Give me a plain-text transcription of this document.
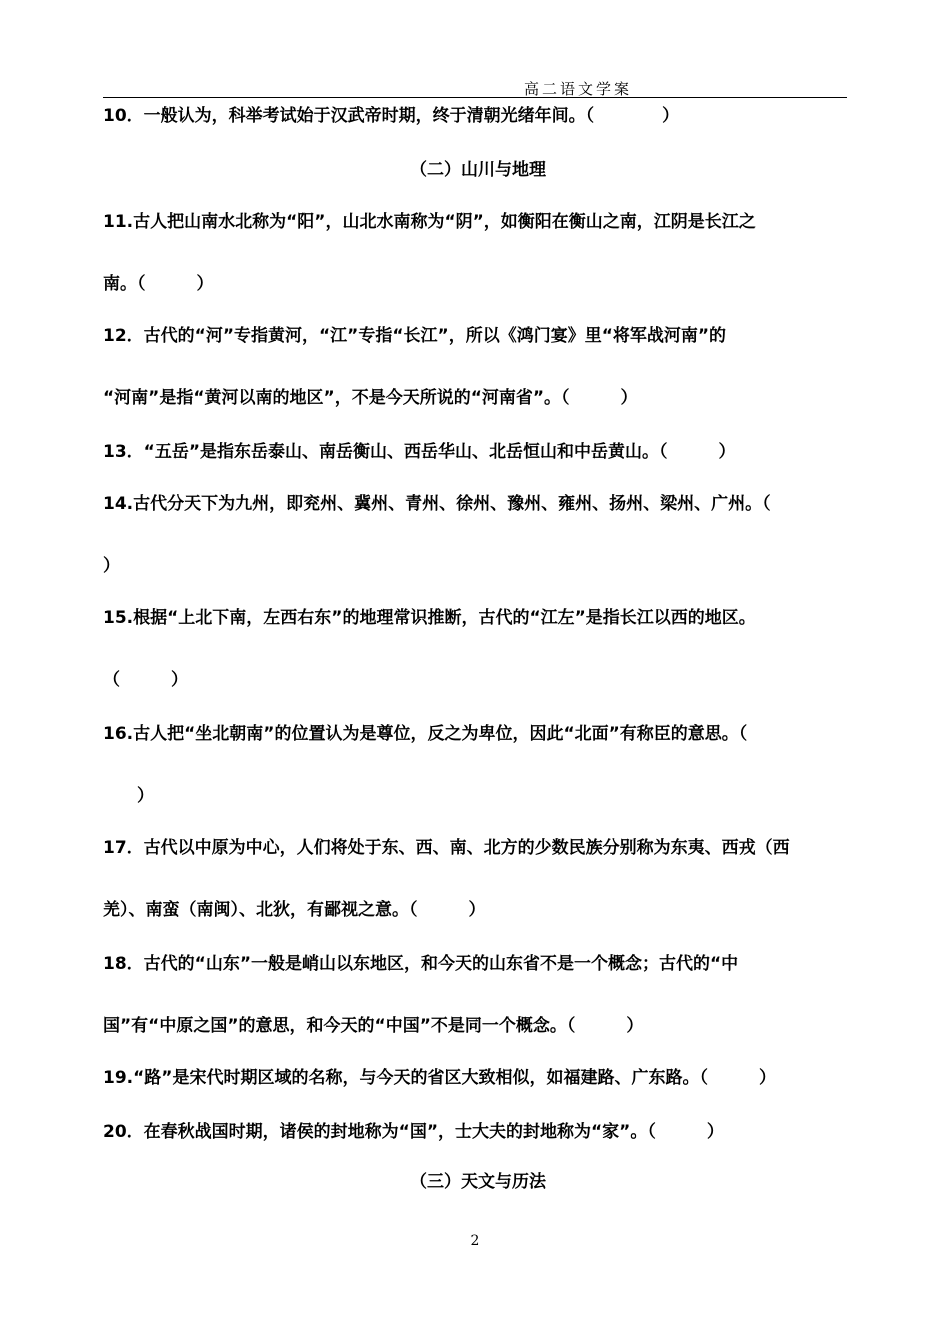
高二语文学案
10．一般认为，科举考试始于汉武帝时期，终于清朝光绪年间。（　　　　）
（二）山川与地理
11.古人把山南水北称为“阳”，山北水南称为“阴”，如衡阳在衡山之南，江阴是长江之
南。（　　　）
12．古代的“河”专指黄河，“江”专指“长江”，所以《鸿门宴》里“将军战河南”的
“河南”是指“黄河以南的地区”，不是今天所说的“河南省”。（　　　）
13．“五岳”是指东岳泰山、南岳衡山、西岳华山、北岳恒山和中岳黄山。（　　　）
14.古代分天下为九州，即兖州、冀州、青州、徐州、豫州、雍州、扬州、梁州、广州。（
）
15.根据“上北下南，左西右东”的地理常识推断，古代的“江左”是指长江以西的地区。
（　　　）
16.古人把“坐北朝南”的位置认为是尊位，反之为卑位，因此“北面”有称臣的意思。（
　　）
17．古代以中原为中心，人们将处于东、西、南、北方的少数民族分别称为东夷、西戎（西
羌）、南蛮（南闽）、北狄，有鄙视之意。（　　　）
18．古代的“山东”一般是峭山以东地区，和今天的山东省不是一个概念；古代的“中
国”有“中原之国”的意思，和今天的“中国”不是同一个概念。（　　　）
19.“路”是宋代时期区域的名称，与今天的省区大致相似，如福建路、广东路。（　　　）
20．在春秋战国时期，诸侯的封地称为“国”，士大夫的封地称为“家”。（　　　）
（三）天文与历法
2
